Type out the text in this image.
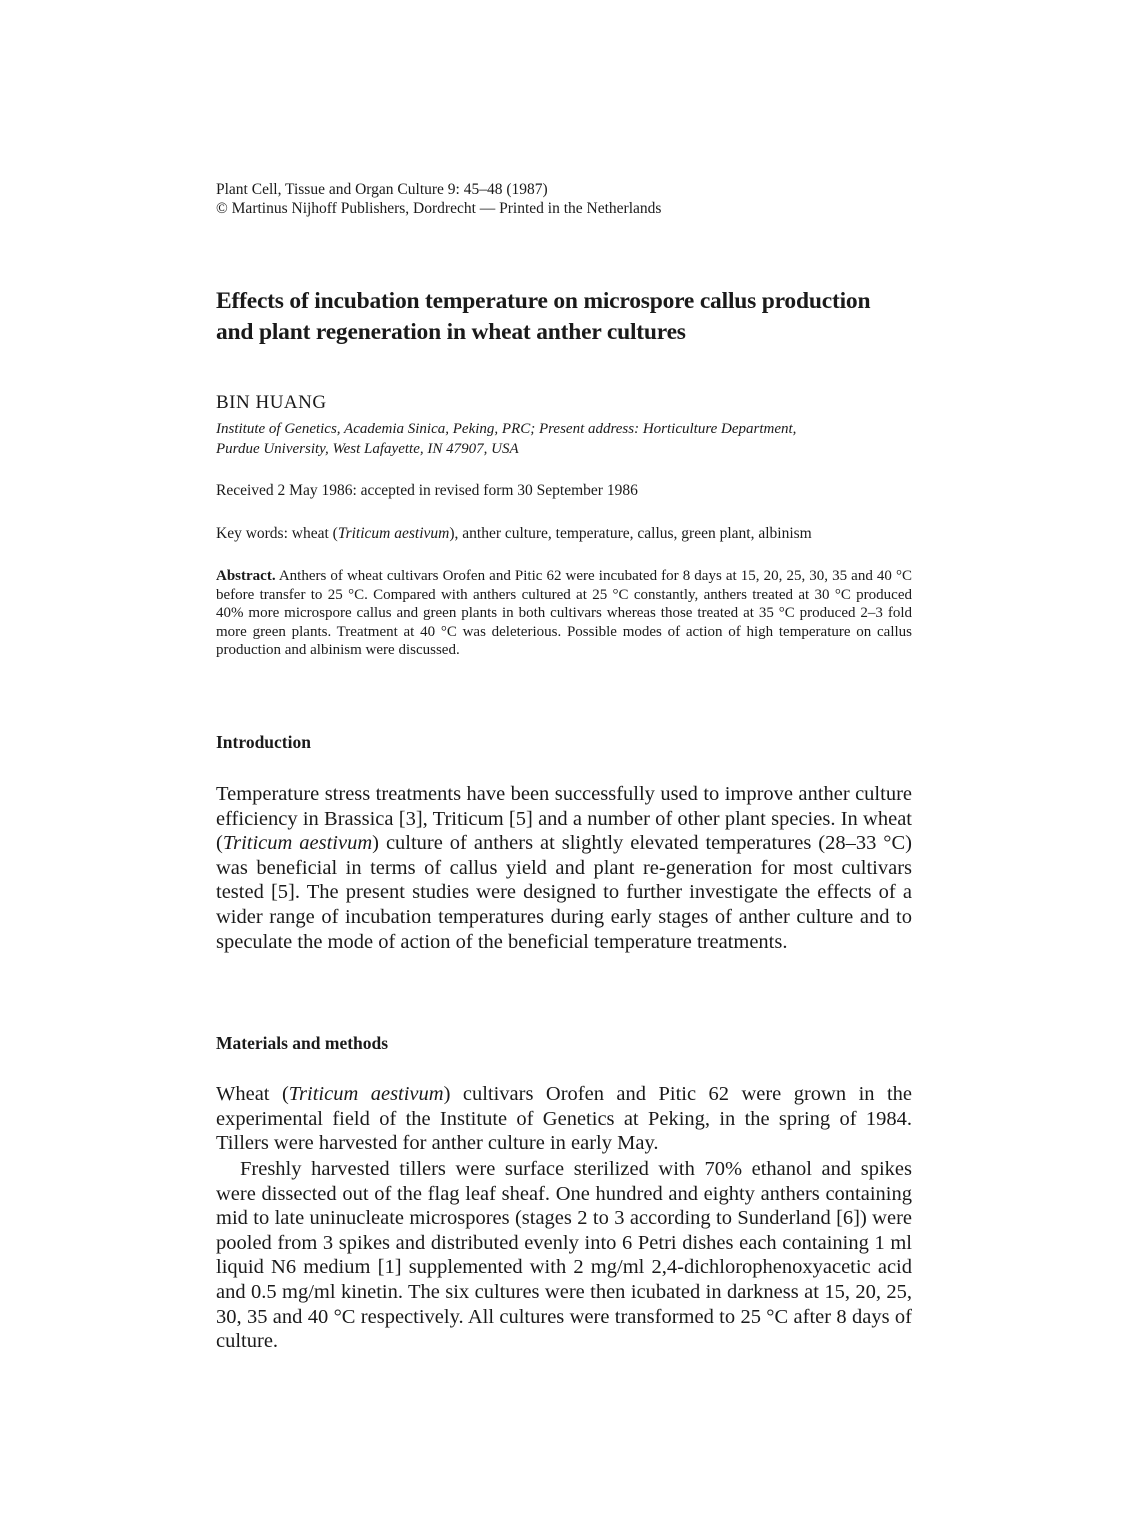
Plant Cell, Tissue and Organ Culture 9: 45–48 (1987)
© Martinus Nijhoff Publishers, Dordrecht — Printed in the Netherlands
Effects of incubation temperature on microspore callus production
and plant regeneration in wheat anther cultures
BIN HUANG
Institute of Genetics, Academia Sinica, Peking, PRC; Present address: Horticulture Department,
Purdue University, West Lafayette, IN 47907, USA
Received 2 May 1986: accepted in revised form 30 September 1986
Key words: wheat (Triticum aestivum), anther culture, temperature, callus, green plant, albinism
Abstract. Anthers of wheat cultivars Orofen and Pitic 62 were incubated for 8 days at 15, 20, 25, 30, 35 and 40 °C before transfer to 25 °C. Compared with anthers cultured at 25 °C constantly, anthers treated at 30 °C produced 40% more microspore callus and green plants in both cultivars whereas those treated at 35 °C produced 2–3 fold more green plants. Treatment at 40 °C was deleterious. Possible modes of action of high temperature on callus production and albinism were discussed.
Introduction
Temperature stress treatments have been successfully used to improve anther culture efficiency in Brassica [3], Triticum [5] and a number of other plant species. In wheat (Triticum aestivum) culture of anthers at slightly elevated temperatures (28–33 °C) was beneficial in terms of callus yield and plant re-generation for most cultivars tested [5]. The present studies were designed to further investigate the effects of a wider range of incubation temperatures during early stages of anther culture and to speculate the mode of action of the beneficial temperature treatments.
Materials and methods
Wheat (Triticum aestivum) cultivars Orofen and Pitic 62 were grown in the experimental field of the Institute of Genetics at Peking, in the spring of 1984. Tillers were harvested for anther culture in early May.
Freshly harvested tillers were surface sterilized with 70% ethanol and spikes were dissected out of the flag leaf sheaf. One hundred and eighty anthers containing mid to late uninucleate microspores (stages 2 to 3 according to Sunderland [6]) were pooled from 3 spikes and distributed evenly into 6 Petri dishes each containing 1 ml liquid N6 medium [1] supplemented with 2 mg/ml 2,4-dichlorophenoxyacetic acid and 0.5 mg/ml kinetin. The six cultures were then icubated in darkness at 15, 20, 25, 30, 35 and 40 °C respectively. All cultures were transformed to 25 °C after 8 days of culture.
